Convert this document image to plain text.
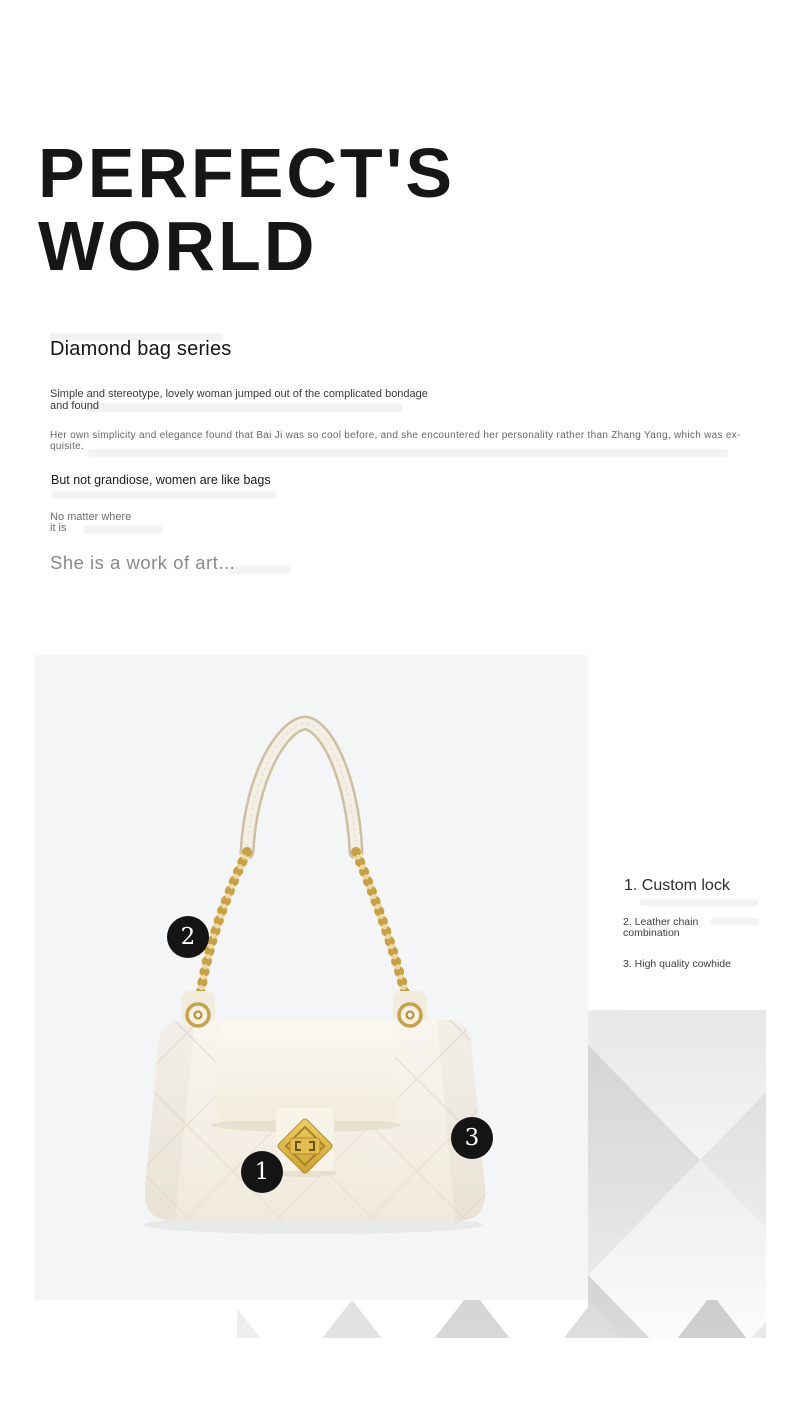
PERFECT'S
WORLD
Diamond bag series
Simple and stereotype, lovely woman jumped out of the complicated bondage
and found
Her own simplicity and elegance found that Bai Ji was so cool before, and she encountered her personality rather than Zhang Yang, which was ex-
quisite.
But not grandiose, women are like bags
No matter where
it is
She is a work of art...
1
2
3
1. Custom lock
2. Leather chain combination
3. High quality cowhide
